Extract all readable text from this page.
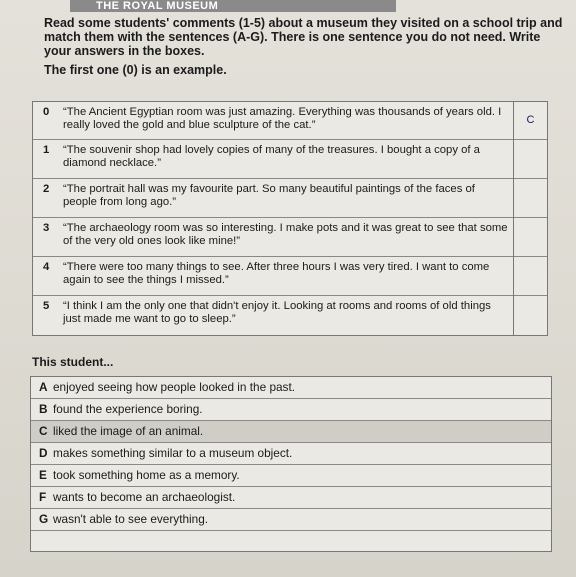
THE ROYAL MUSEUM
Read some students' comments (1-5) about a museum they visited on a school trip and match them with the sentences (A-G). There is one sentence you do not need. Write your answers in the boxes.
The first one (0) is an example.
0 “The Ancient Egyptian room was just amazing. Everything was thousands of years old. I really loved the gold and blue sculpture of the cat.”
1 “The souvenir shop had lovely copies of many of the treasures. I bought a copy of a diamond necklace.”
2 “The portrait hall was my favourite part. So many beautiful paintings of the faces of people from long ago.”
3 “The archaeology room was so interesting. I make pots and it was great to see that some of the very old ones look like mine!”
4 “There were too many things to see. After three hours I was very tired. I want to come again to see the things I missed.”
5 “I think I am the only one that didn't enjoy it. Looking at rooms and rooms of old things just made me want to go to sleep.”
C
This student...
A enjoyed seeing how people looked in the past.
B found the experience boring.
C liked the image of an animal.
D makes something similar to a museum object.
E took something home as a memory.
F wants to become an archaeologist.
G wasn't able to see everything.
